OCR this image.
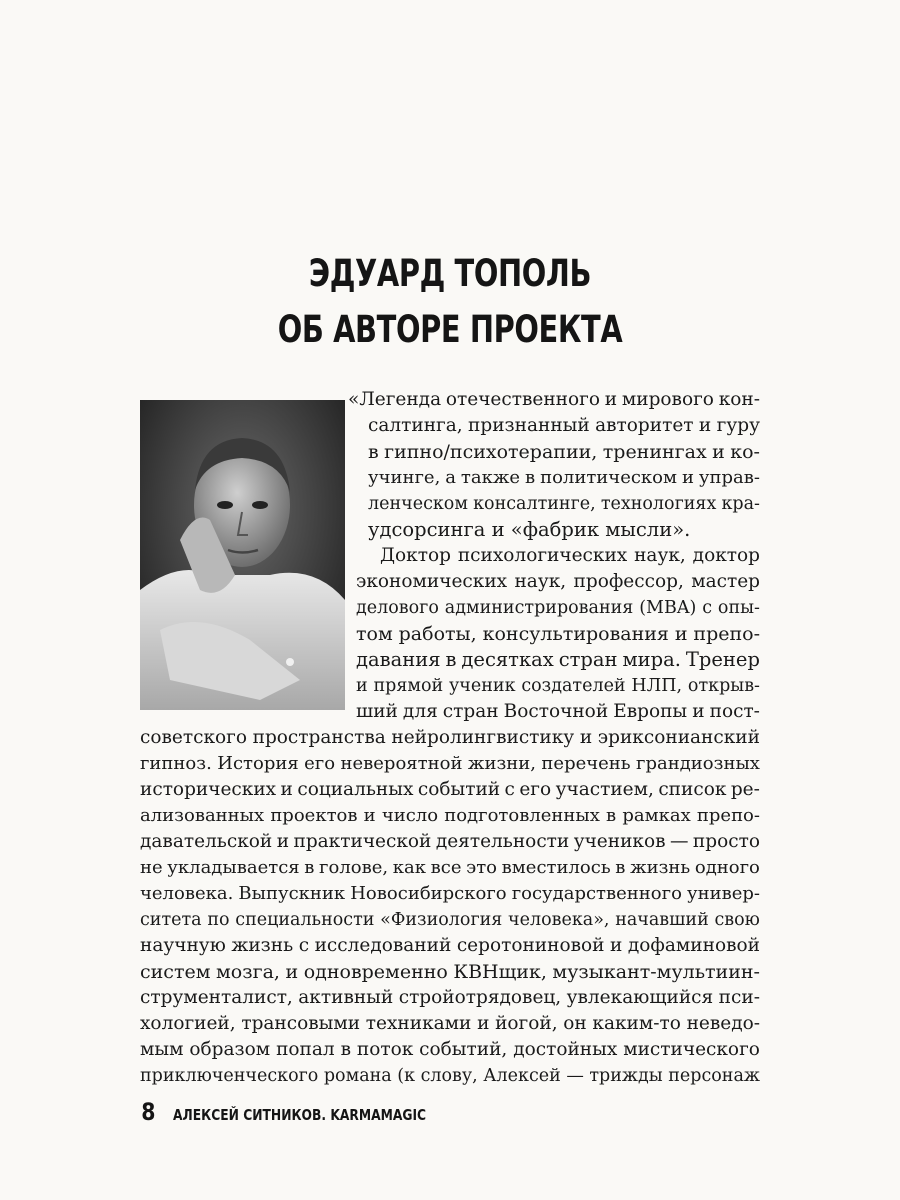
ЭДУАРД ТОПОЛЬ
ОБ АВТОРЕ ПРОЕКТА
«Легенда отечественного и мирового кон-
салтинга, признанный авторитет и гуру
в гипно/психотерапии, тренингах и ко-
учинге, а также в политическом и управ-
ленческом консалтинге, технологиях кра-
удсорсинга и «фабрик мысли».
Доктор психологических наук, доктор
экономических наук, профессор, мастер
делового администрирования (MBA) с опы-
том работы, консультирования и препо-
давания в десятках стран мира. Тренер
и прямой ученик создателей НЛП, открыв-
ший для стран Восточной Европы и пост-
советского пространства нейролингвистику и эриксонианский
гипноз. История его невероятной жизни, перечень грандиозных
исторических и социальных событий с его участием, список ре-
ализованных проектов и число подготовленных в рамках препо-
давательской и практической деятельности учеников — просто
не укладывается в голове, как все это вместилось в жизнь одного
человека. Выпускник Новосибирского государственного универ-
ситета по специальности «Физиология человека», начавший свою
научную жизнь с исследований серотониновой и дофаминовой
систем мозга, и одновременно КВНщик, музыкант-мультиин-
струменталист, активный стройотрядовец, увлекающийся пси-
хологией, трансовыми техниками и йогой, он каким-то неведо-
мым образом попал в поток событий, достойных мистического
приключенческого романа (к слову, Алексей — трижды персонаж
8 АЛЕКСЕЙ СИТНИКОВ. KARMAMAGIC
